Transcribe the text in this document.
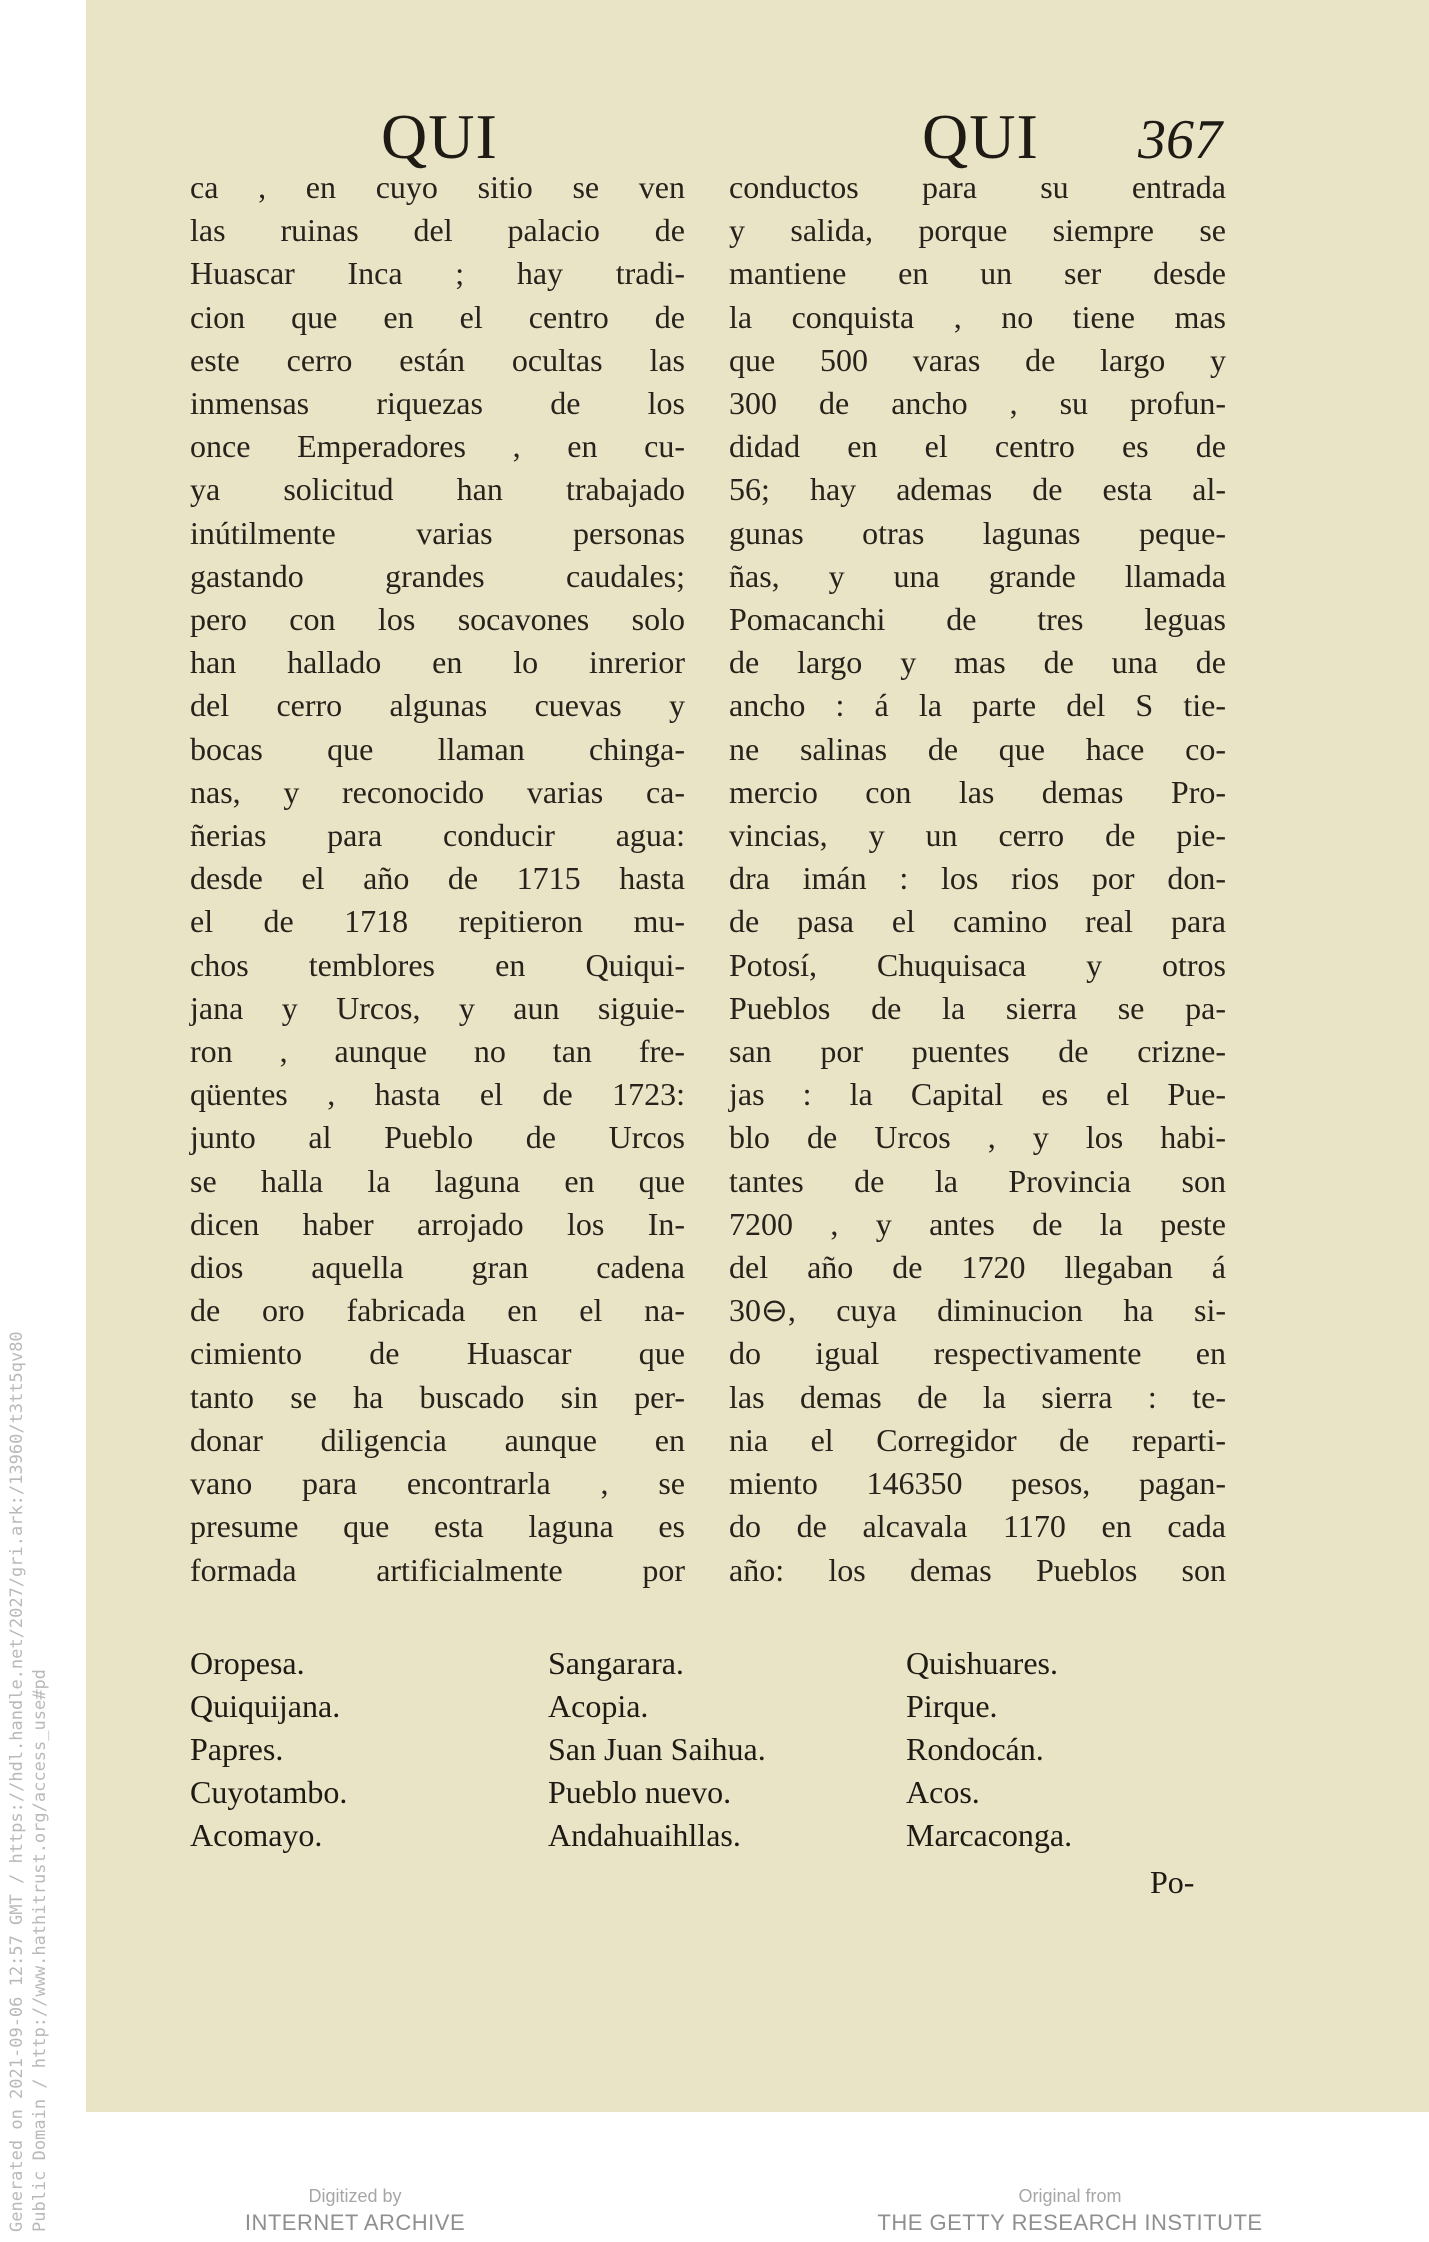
Generated on 2021-09-06 12:57 GMT / https://hdl.handle.net/2027/gri.ark:/13960/t3tt5qv80 Public Domain / http://www.hathitrust.org/access_use#pd
QUI	QUI 367
ca , en cuyo sitio se ven
las ruinas del palacio de
Huascar Inca ; hay tradi-
cion que en el centro de
este cerro están ocultas las
inmensas riquezas de los
once Emperadores , en cu-
ya solicitud han trabajado
inútilmente varias personas
gastando grandes caudales;
pero con los socavones solo
han hallado en lo inrerior
del cerro algunas cuevas y
bocas que llaman chinga-
nas, y reconocido varias ca-
ñerias para conducir agua:
desde el año de 1715 hasta
el de 1718 repitieron mu-
chos temblores en Quiqui-
jana y Urcos, y aun siguie-
ron , aunque no tan fre-
qüentes , hasta el de 1723:
junto al Pueblo de Urcos
se halla la laguna en que
dicen haber arrojado los In-
dios aquella gran cadena
de oro fabricada en el na-
cimiento de Huascar que
tanto se ha buscado sin per-
donar diligencia aunque en
vano para encontrarla , se
presume que esta laguna es
formada artificialmente por
conductos para su entrada
y salida, porque siempre se
mantiene en un ser desde
la conquista , no tiene mas
que 500 varas de largo y
300 de ancho , su profun-
didad en el centro es de
56; hay ademas de esta al-
gunas otras lagunas peque-
ñas, y una grande llamada
Pomacanchi de tres leguas
de largo y mas de una de
ancho : á la parte del S tie-
ne salinas de que hace co-
mercio con las demas Pro-
vincias, y un cerro de pie-
dra imán : los rios por don-
de pasa el camino real para
Potosí, Chuquisaca y otros
Pueblos de la sierra se pa-
san por puentes de crizne-
jas : la Capital es el Pue-
blo de Urcos , y los habi-
tantes de la Provincia son
7200 , y antes de la peste
del año de 1720 llegaban á
30⊖, cuya diminucion ha si-
do igual respectivamente en
las demas de la sierra : te-
nia el Corregidor de reparti-
miento 146350 pesos, pagan-
do de alcavala 1170 en cada
año: los demas Pueblos son
Oropesa.
Quiquijana.
Papres.
Cuyotambo.
Acomayo.
Sangarara.
Acopia.
San Juan Saihua.
Pueblo nuevo.
Andahuaihllas.
Quishuares.
Pirque.
Rondocán.
Acos.
Marcaconga.
Po-
Digitized by
INTERNET ARCHIVE
Original from
THE GETTY RESEARCH INSTITUTE
